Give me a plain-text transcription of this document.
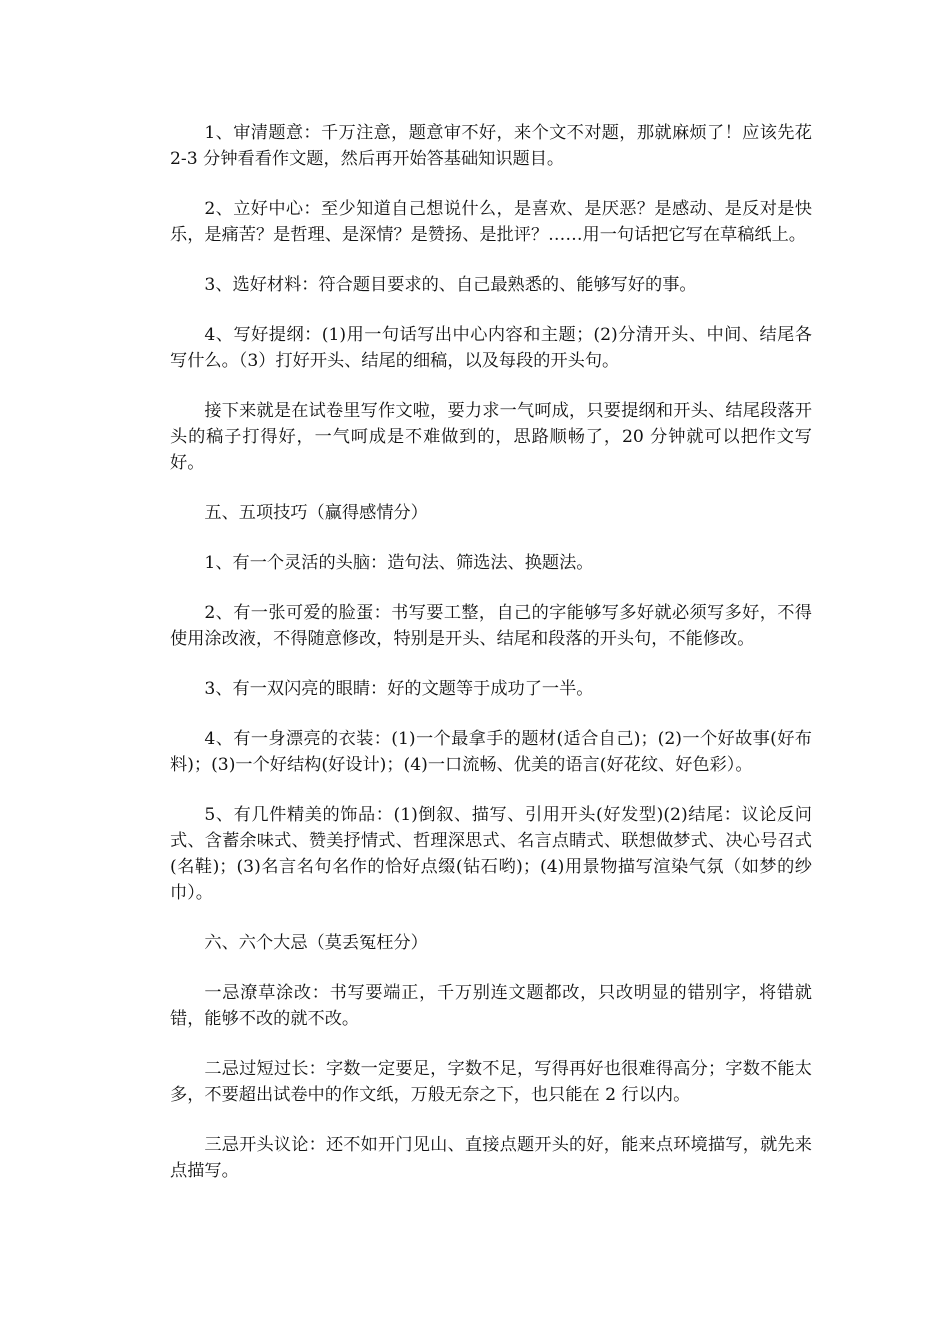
1、审清题意：千万注意，题意审不好，来个文不对题，那就麻烦了！应该先花 2-3 分钟看看作文题，然后再开始答基础知识题目。

2、立好中心：至少知道自己想说什么，是喜欢、是厌恶？是感动、是反对是快乐，是痛苦？是哲理、是深情？是赞扬、是批评？……用一句话把它写在草稿纸上。

3、选好材料：符合题目要求的、自己最熟悉的、能够写好的事。

4、写好提纲：(1)用一句话写出中心内容和主题；(2)分清开头、中间、结尾各写什么。（3）打好开头、结尾的细稿，以及每段的开头句。

接下来就是在试卷里写作文啦，要力求一气呵成，只要提纲和开头、结尾段落开头的稿子打得好，一气呵成是不难做到的，思路顺畅了，20 分钟就可以把作文写好。

五、五项技巧（赢得感情分）

1、有一个灵活的头脑：造句法、筛选法、换题法。

2、有一张可爱的脸蛋：书写要工整，自己的字能够写多好就必须写多好，不得使用涂改液，不得随意修改，特别是开头、结尾和段落的开头句，不能修改。

3、有一双闪亮的眼睛：好的文题等于成功了一半。

4、有一身漂亮的衣装：(1)一个最拿手的题材(适合自己)；(2)一个好故事(好布料)；(3)一个好结构(好设计)；(4)一口流畅、优美的语言(好花纹、好色彩）。

5、有几件精美的饰品：(1)倒叙、描写、引用开头(好发型)(2)结尾：议论反问式、含蓄余味式、赞美抒情式、哲理深思式、名言点睛式、联想做梦式、决心号召式(名鞋)；(3)名言名句名作的恰好点缀(钻石哟)；(4)用景物描写渲染气氛（如梦的纱巾）。

六、六个大忌（莫丢冤枉分）

一忌潦草涂改：书写要端正，千万别连文题都改，只改明显的错别字，将错就错，能够不改的就不改。

二忌过短过长：字数一定要足，字数不足，写得再好也很难得高分；字数不能太多，不要超出试卷中的作文纸，万般无奈之下，也只能在 2 行以内。

三忌开头议论：还不如开门见山、直接点题开头的好，能来点环境描写，就先来点描写。
